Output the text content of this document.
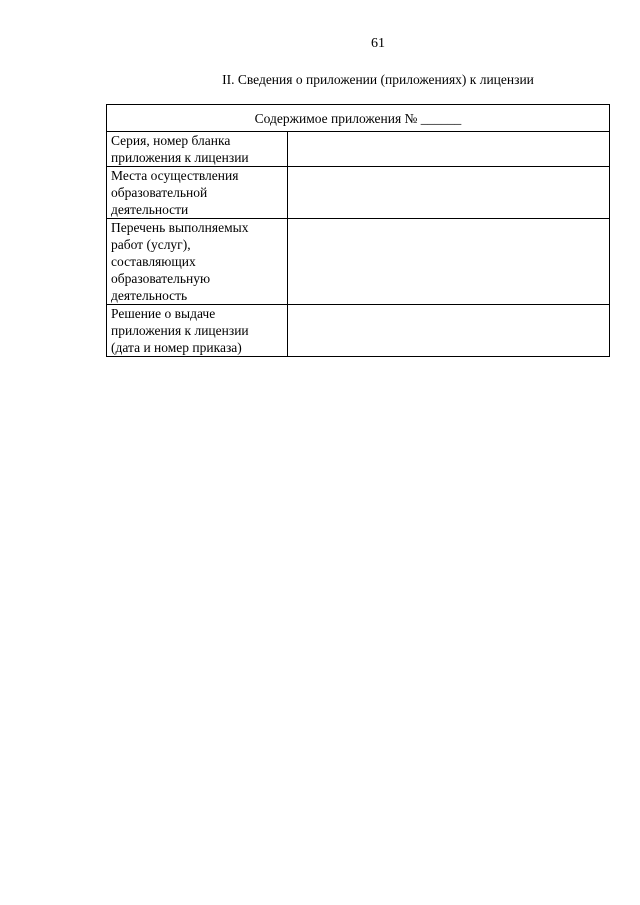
61
II. Сведения о приложении (приложениях) к лицензии
Содержимое приложения № ______	

Серия, номер бланка приложения к лицензии	

Места осуществления образовательной деятельности	

Перечень выполняемых работ (услуг), составляющих образовательную деятельность	

Решение о выдаче приложения к лицензии (дата и номер приказа)	
